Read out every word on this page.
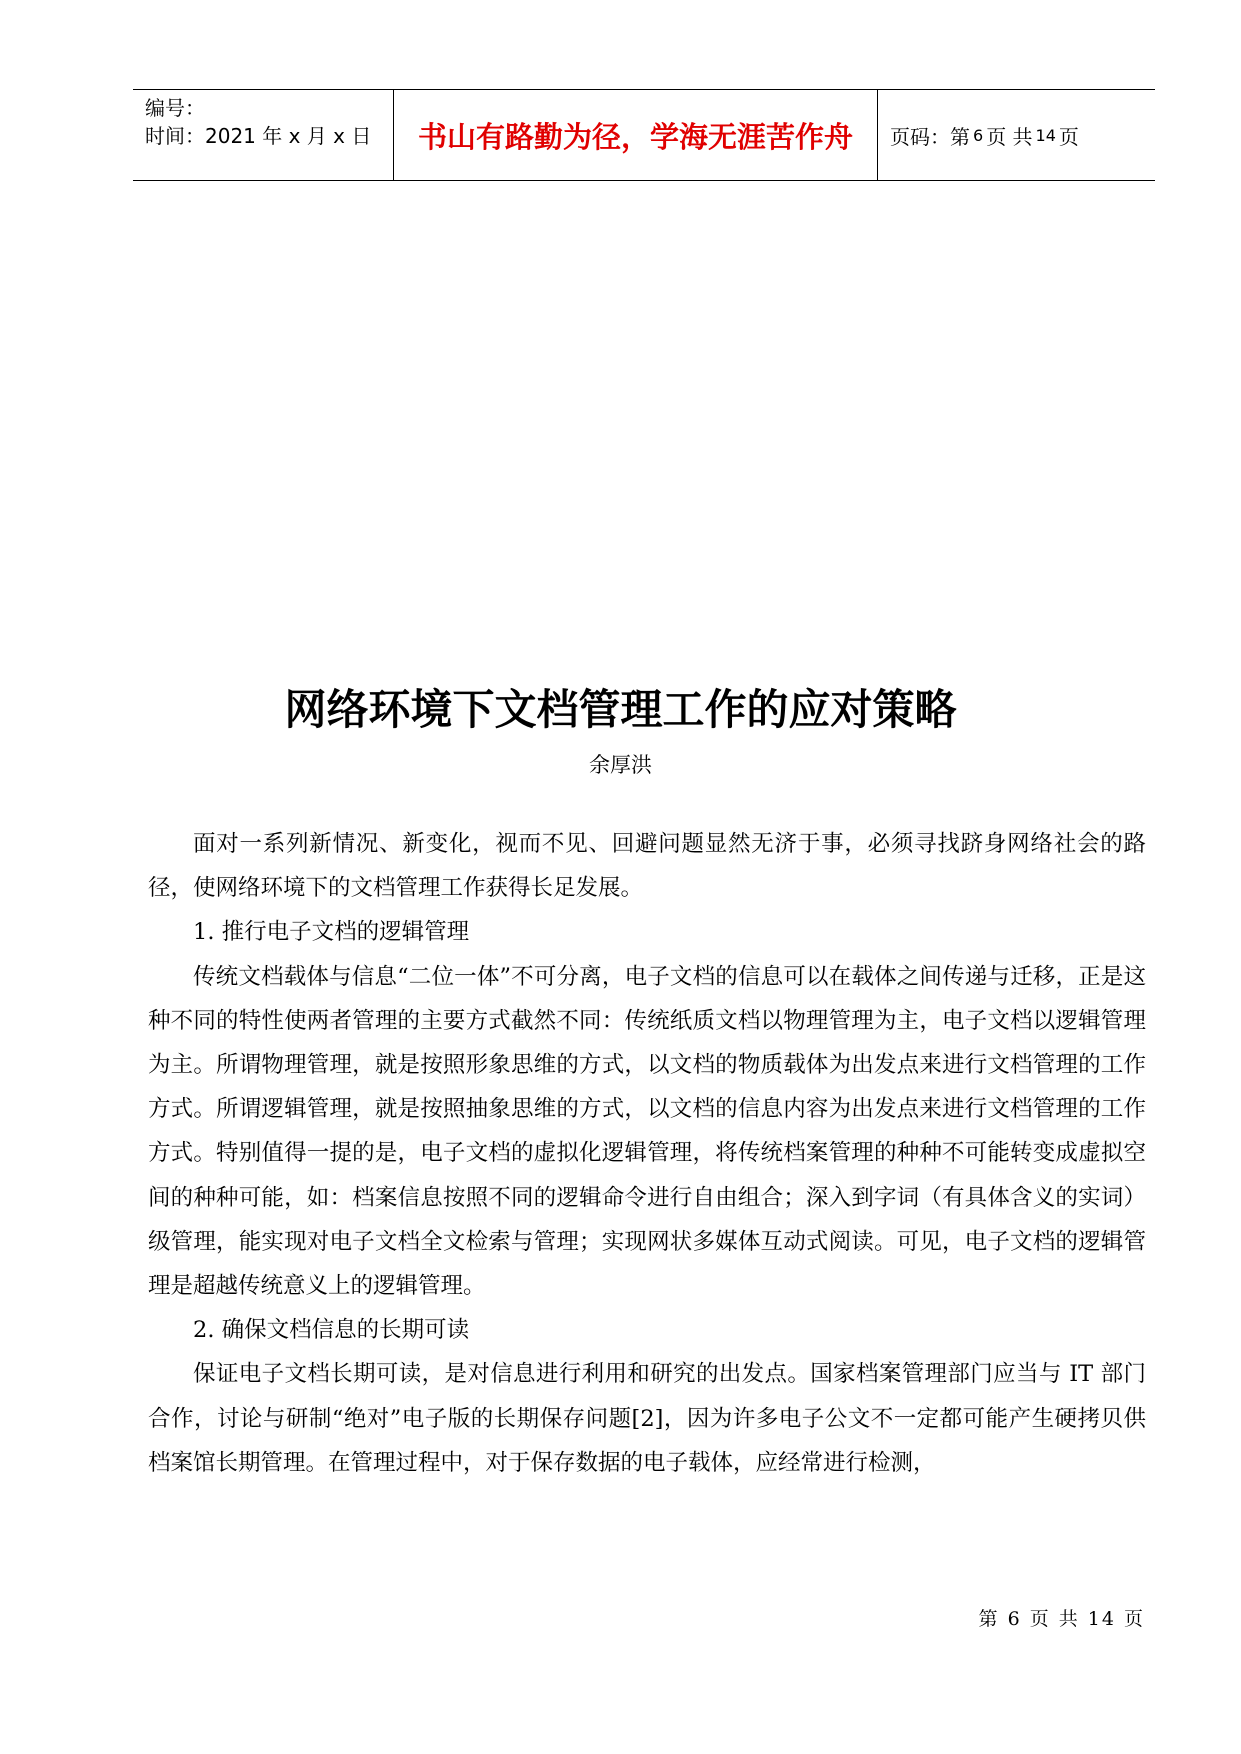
编号：
时间：2021 年 x 月 x 日	书山有路勤为径，学海无涯苦作舟 页码：第 6 页 共 14 页
网络环境下文档管理工作的应对策略
余厚洪

面对一系列新情况、新变化，视而不见、回避问题显然无济于事，必须寻找跻身网络社会的路径，使网络环境下的文档管理工作获得长足发展。

1. 推行电子文档的逻辑管理

传统文档载体与信息“二位一体”不可分离，电子文档的信息可以在载体之间传递与迁移，正是这种不同的特性使两者管理的主要方式截然不同：传统纸质文档以物理管理为主，电子文档以逻辑管理为主。所谓物理管理，就是按照形象思维的方式，以文档的物质载体为出发点来进行文档管理的工作方式。所谓逻辑管理，就是按照抽象思维的方式，以文档的信息内容为出发点来进行文档管理的工作方式。特别值得一提的是，电子文档的虚拟化逻辑管理，将传统档案管理的种种不可能转变成虚拟空间的种种可能，如：档案信息按照不同的逻辑命令进行自由组合；深入到字词（有具体含义的实词）级管理，能实现对电子文档全文检索与管理；实现网状多媒体互动式阅读。可见，电子文档的逻辑管理是超越传统意义上的逻辑管理。

2. 确保文档信息的长期可读

保证电子文档长期可读，是对信息进行利用和研究的出发点。国家档案管理部门应当与 IT 部门合作，讨论与研制“绝对”电子版的长期保存问题[2]，因为许多电子公文不一定都可能产生硬拷贝供档案馆长期管理。在管理过程中，对于保存数据的电子载体，应经常进行检测，

第 6 页 共 14 页
